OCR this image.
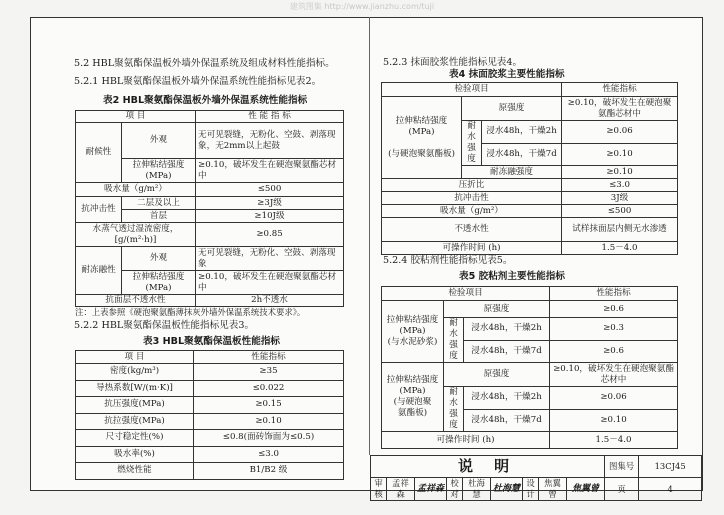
建筑图集 http://www.jianzhu.com/tuji
5.2 HBL聚氨酯保温板外墙外保温系统及组成材料性能指标。
5.2.1 HBL聚氨酯保温板外墙外保温系统性能指标见表2。
表2 HBL聚氨酯保温板外墙外保温系统性能指标
项 目		性 能 指 标
耐候性	外观	无可见裂缝，无粉化、空鼓、剥落现象，无2mm以上起鼓
	拉伸粘结强度(MPa)	≥0.10，破坏发生在硬泡聚氨酯芯材中
吸水量（g/m²）		≤500
抗冲击性	二层及以上	≥3J级
	首层	≥10J级
水蒸气透过湿流密度，[g/(m²·h)]		≥0.85
耐冻融性	外观	无可见裂缝，无粉化、空鼓、剥落现象
	拉伸粘结强度(MPa)	≥0.10，破坏发生在硬泡聚氨酯芯材中
抗面层不透水性		2h不透水
注：上表参照《硬泡聚氨酯薄抹灰外墙外保温系统技术要求》。
5.2.2 HBL聚氨酯保温板性能指标见表3。
表3 HBL聚氨酯保温板性能指标
项 目	性能指标
密度(kg/m³)	≥35
导热系数[W/(m·K)]	≤0.022
抗压强度(MPa)	≥0.15
抗拉强度(MPa)	≥0.10
尺寸稳定性(%)	≤0.8(面砖饰面为≤0.5)
吸水率(%)	≤3.0
燃烧性能	B1/B2 级
5.2.3 抹面胶浆性能指标见表4。
表4 抹面胶浆主要性能指标
检验项目			性能指标
拉伸粘结强度(MPa)

(与硬泡聚氨酯板)	原强度		≥0.10，破坏发生在硬泡聚氨酯芯材中
	耐水强度	浸水48h，干燥2h	≥0.06
		浸水48h，干燥7d	≥0.10
	耐冻融强度		≥0.10
压折比			≤3.0
抗冲击性			3J级
吸水量（g/m²）			≤500
不透水性			试样抹面层内侧无水渗透
可操作时间 (h)			1.5－4.0
5.2.4 胶粘剂性能指标见表5。
表5 胶粘剂主要性能指标
检验项目			性能指标
拉伸粘结强度
(MPa)
(与水泥砂浆)	原强度		≥0.6
	耐水强度	浸水48h，干燥2h	≥0.3
		浸水48h，干燥7d	≥0.6
拉伸粘结强度
(MPa)
(与硬泡聚
氨酯板)	原强度		≥0.10，破坏发生在硬泡聚氨酯芯材中
	耐水强度	浸水48h，干燥2h	≥0.06
		浸水48h，干燥7d	≥0.10
可操作时间 (h)			1.5－4.0
说 明									图集号	13CJ45
审核	孟祥森	孟祥森	校对	杜海慧	杜海慧	设计	焦翼曾	焦翼曾	页	4
